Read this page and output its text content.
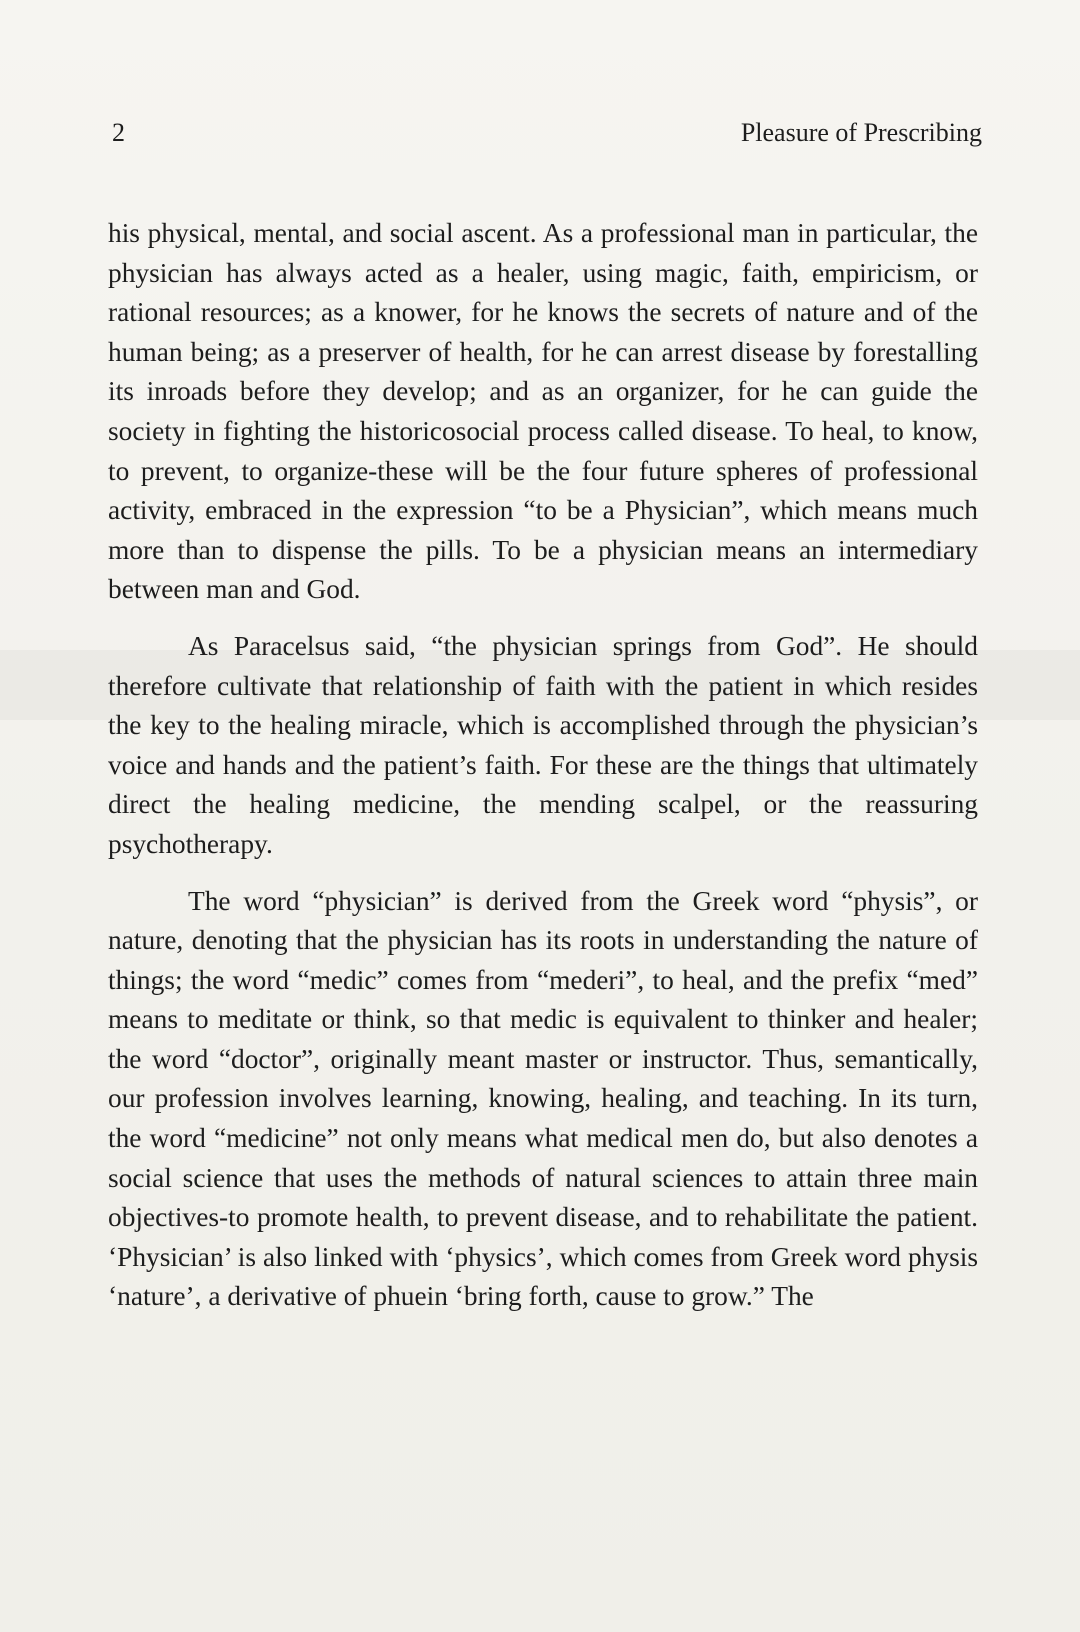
2	Pleasure of Prescribing

his physical, mental, and social ascent. As a professional man in particular, the physician has always acted as a healer, using magic, faith, empiricism, or rational resources; as a knower, for he knows the secrets of nature and of the human being; as a preserver of health, for he can arrest disease by forestalling its inroads before they develop; and as an organizer, for he can guide the society in fighting the historicosocial process called disease. To heal, to know, to prevent, to organize-these will be the four future spheres of professional activity, embraced in the expression “to be a Physician”, which means much more than to dispense the pills. To be a physician means an intermediary between man and God.

As Paracelsus said, “the physician springs from God”. He should therefore cultivate that relationship of faith with the patient in which resides the key to the healing miracle, which is accomplished through the physician’s voice and hands and the patient’s faith. For these are the things that ultimately direct the healing medicine, the mending scalpel, or the reassuring psychotherapy.

The word “physician” is derived from the Greek word “physis”, or nature, denoting that the physician has its roots in understanding the nature of things; the word “medic” comes from “mederi”, to heal, and the prefix “med” means to meditate or think, so that medic is equivalent to thinker and healer; the word “doctor”, originally meant master or instructor. Thus, semantically, our profession involves learning, knowing, healing, and teaching. In its turn, the word “medicine” not only means what medical men do, but also denotes a social science that uses the methods of natural sciences to attain three main objectives-to promote health, to prevent disease, and to rehabilitate the patient. ‘Physician’ is also linked with ‘physics’, which comes from Greek word physis ‘nature’, a derivative of phuein ‘bring forth, cause to grow.” The
